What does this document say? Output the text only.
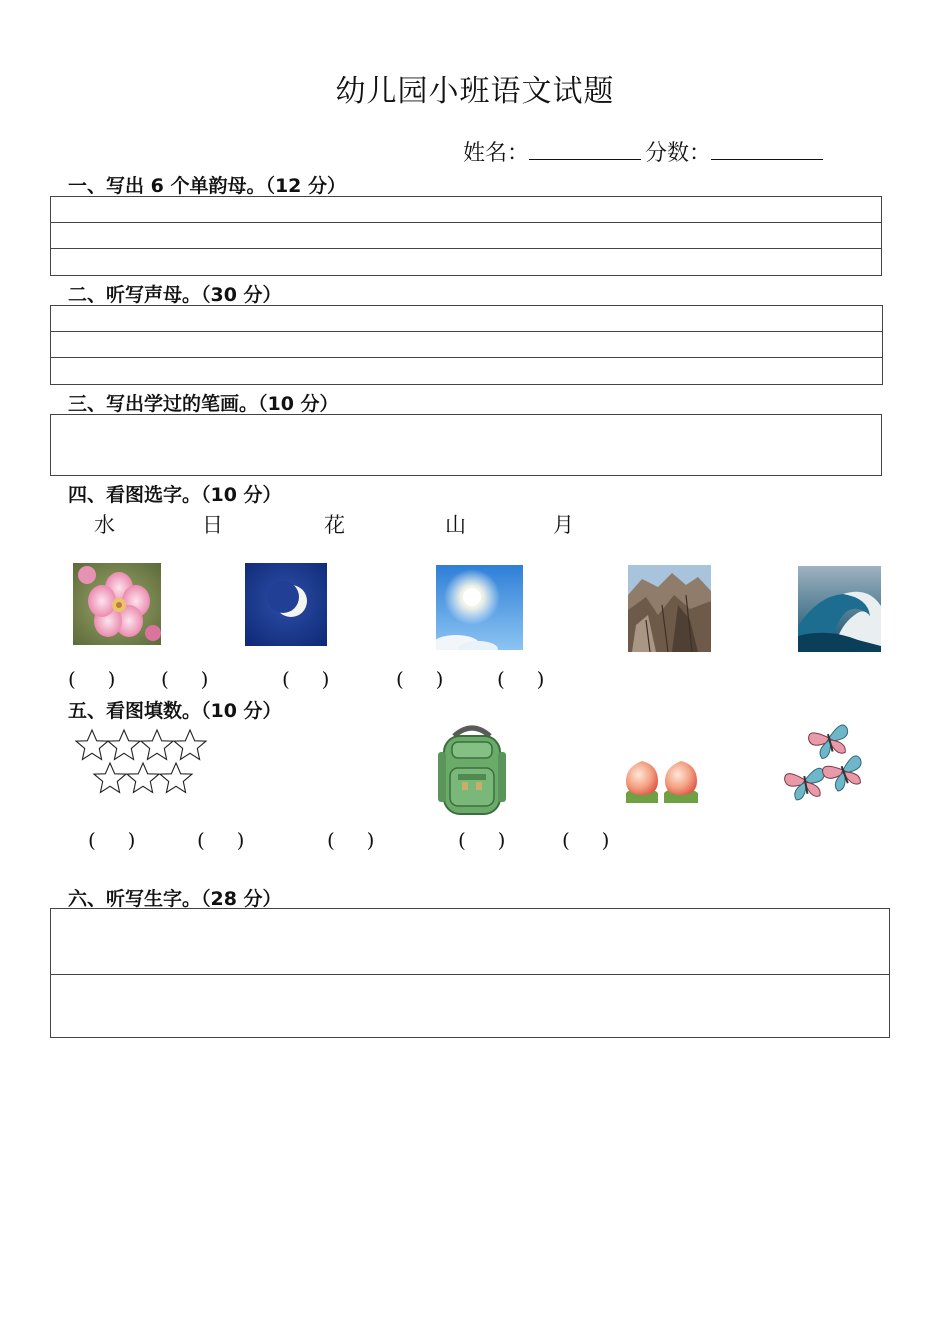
幼儿园小班语文试题
姓名：	分数：
一、写出 6 个单韵母。（12 分）
二、听写声母。（30 分）
三、写出学过的笔画。（10 分）
四、看图选字。（10 分）
水	日	花	山	月
(     ) (     )	(     )	(     )	(     )
五、看图填数。（10 分）
(     )	(     )	(     )	(     )	(     )
六、听写生字。（28 分）
